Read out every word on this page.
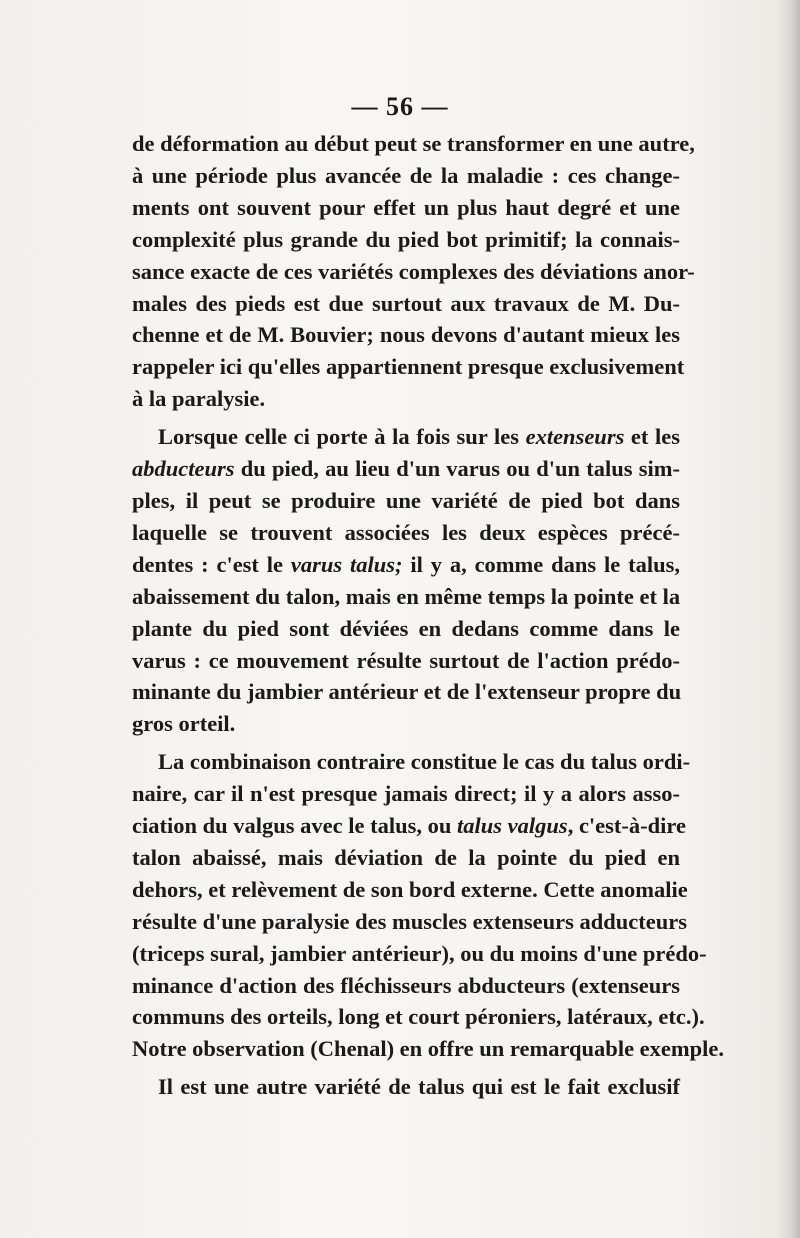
— 56 —
de déformation au début peut se transformer en une autre,
à une période plus avancée de la maladie : ces change-
ments ont souvent pour effet un plus haut degré et une
complexité plus grande du pied bot primitif; la connais-
sance exacte de ces variétés complexes des déviations anor-
males des pieds est due surtout aux travaux de M. Du-
chenne et de M. Bouvier; nous devons d'autant mieux les
rappeler ici qu'elles appartiennent presque exclusivement
à la paralysie.
Lorsque celle ci porte à la fois sur les extenseurs et les
abducteurs du pied, au lieu d'un varus ou d'un talus sim-
ples, il peut se produire une variété de pied bot dans
laquelle se trouvent associées les deux espèces précé-
dentes : c'est le varus talus; il y a, comme dans le talus,
abaissement du talon, mais en même temps la pointe et la
plante du pied sont déviées en dedans comme dans le
varus : ce mouvement résulte surtout de l'action prédo-
minante du jambier antérieur et de l'extenseur propre du
gros orteil.
La combinaison contraire constitue le cas du talus ordi-
naire, car il n'est presque jamais direct; il y a alors asso-
ciation du valgus avec le talus, ou talus valgus, c'est-à-dire
talon abaissé, mais déviation de la pointe du pied en
dehors, et relèvement de son bord externe. Cette anomalie
résulte d'une paralysie des muscles extenseurs adducteurs
(triceps sural, jambier antérieur), ou du moins d'une prédo-
minance d'action des fléchisseurs abducteurs (extenseurs
communs des orteils, long et court péroniers, latéraux, etc.).
Notre observation (Chenal) en offre un remarquable exemple.
Il est une autre variété de talus qui est le fait exclusif
